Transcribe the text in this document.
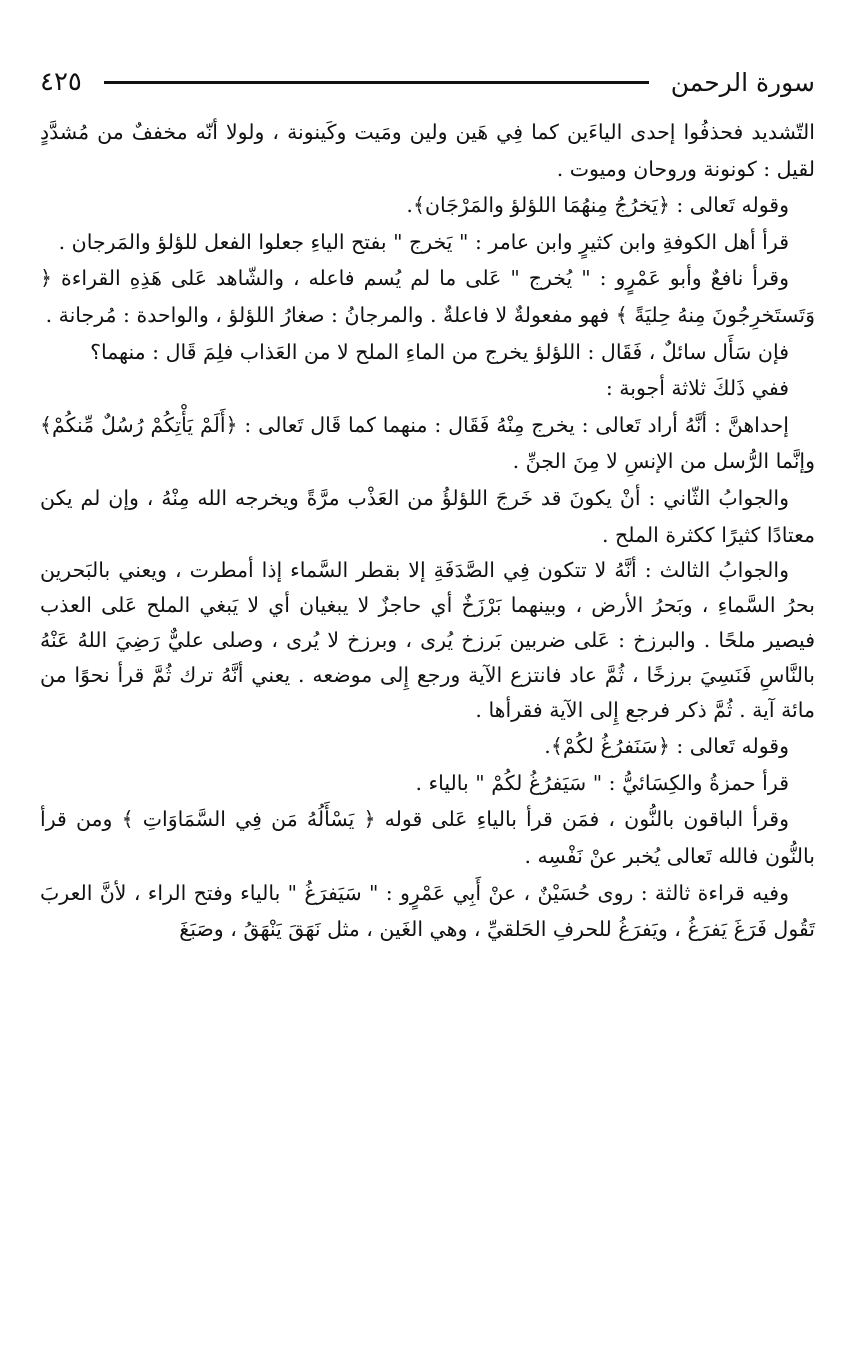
سورة الرحمن
٤٢٥

التّشديد فحذفُوا إحدى الياءَين كما فِي هَين ولين ومَيت وكَينونة ، ولولا أنّه مخففٌ من مُشدَّدٍ لقيل : كونونة وروحان وميوت .

وقوله تَعالى : ﴿يَخرُجُ مِنهُمَا اللؤلؤ والمَرْجَان﴾.

قرأ أهل الكوفةِ وابن كثيرٍ وابن عامر : " يَخرج " بفتح الياءِ جعلوا الفعل للؤلؤ والمَرجان .

وقرأ نافعٌ وأبو عَمْرٍو : " يُخرج " عَلى ما لم يُسم فاعله ، والشّاهد عَلى هَذِهِ القراءة ﴿ وَتَستَخرِجُونَ مِنهُ حِليَةً ﴾ فهو مفعولةٌ لا فاعلةٌ . والمرجانُ : صغارُ اللؤلؤ ، والواحدة : مُرجانة .

فإن سَأَل سائلٌ ، فَقَال : اللؤلؤ يخرج من الماءِ الملح لا من العَذاب فلِمَ قَال : منهما؟

ففي ذَلكَ ثلاثة أجوبة :

إحداهنَّ : أنَّهُ أراد تَعالى : يخرج مِنْهُ فَقَال : منهما كما قَال تَعالى : ﴿أَلَمْ يَأْتِكُمْ رُسُلٌ مِّنكُمْ﴾ وإنَّما الرُّسل من الإنسِ لا مِنَ الجنِّ .

والجوابُ الثّاني : أنْ يكونَ قد خَرجَ اللؤلؤُ من العَذْب مرَّةً ويخرجه الله مِنْهُ ، وإن لم يكن معتادًا كثيرًا ككثرة الملح .

والجوابُ الثالث : أنَّهُ لا تتكون فِي الصَّدَفَةِ إلا بقطر السَّماء إذا أمطرت ، ويعني بالبَحرين بحرُ السَّماءِ ، وبَحرُ الأرض ، وبينهما بَرْزَخٌ أي حاجزٌ لا يبغيان أي لا يَبغي الملح عَلى العذب فيصير ملحًا . والبرزخ : عَلى ضربين بَرزخ يُرى ، وبرزخ لا يُرى ، وصلى عليٌّ رَضِيَ اللهُ عَنْهُ بالنَّاسِ فَنَسِيَ برزخًا ، ثُمَّ عاد فانتزع الآية ورجع إِلى موضعه . يعني أنَّهُ ترك ثُمَّ قرأ نحوًا من مائة آية . ثُمَّ ذكر فرجع إِلى الآية فقرأها .

وقوله تَعالى : ﴿سَنَفرُغُ لكُمْ﴾.

قرأ حمزةُ والكِسَائيُّ : " سَيَفرُغُ لكُمْ " بالياء .

وقرأ الباقون بالنُّون ، فمَن قرأ بالياءِ عَلى قوله ﴿ يَسْأَلُهُ مَن فِي السَّمَاوَاتِ ﴾ ومن قرأ بالنُّون فالله تَعالى يُخبر عنْ نَفْسِه .

وفيه قراءة ثالثة : روى حُسَيْنٌ ، عنْ أَبِي عَمْرٍو : " سَيَفرَغُ " بالياء وفتح الراء ، لأنَّ العربَ تَقُول فَرَغَ يَفرَغُ ، ويَفرَغُ للحرفِ الحَلقيِّ ، وهي الغَين ، مثل نَهَقَ يَنْهَقُ ، وصَبَغَ
